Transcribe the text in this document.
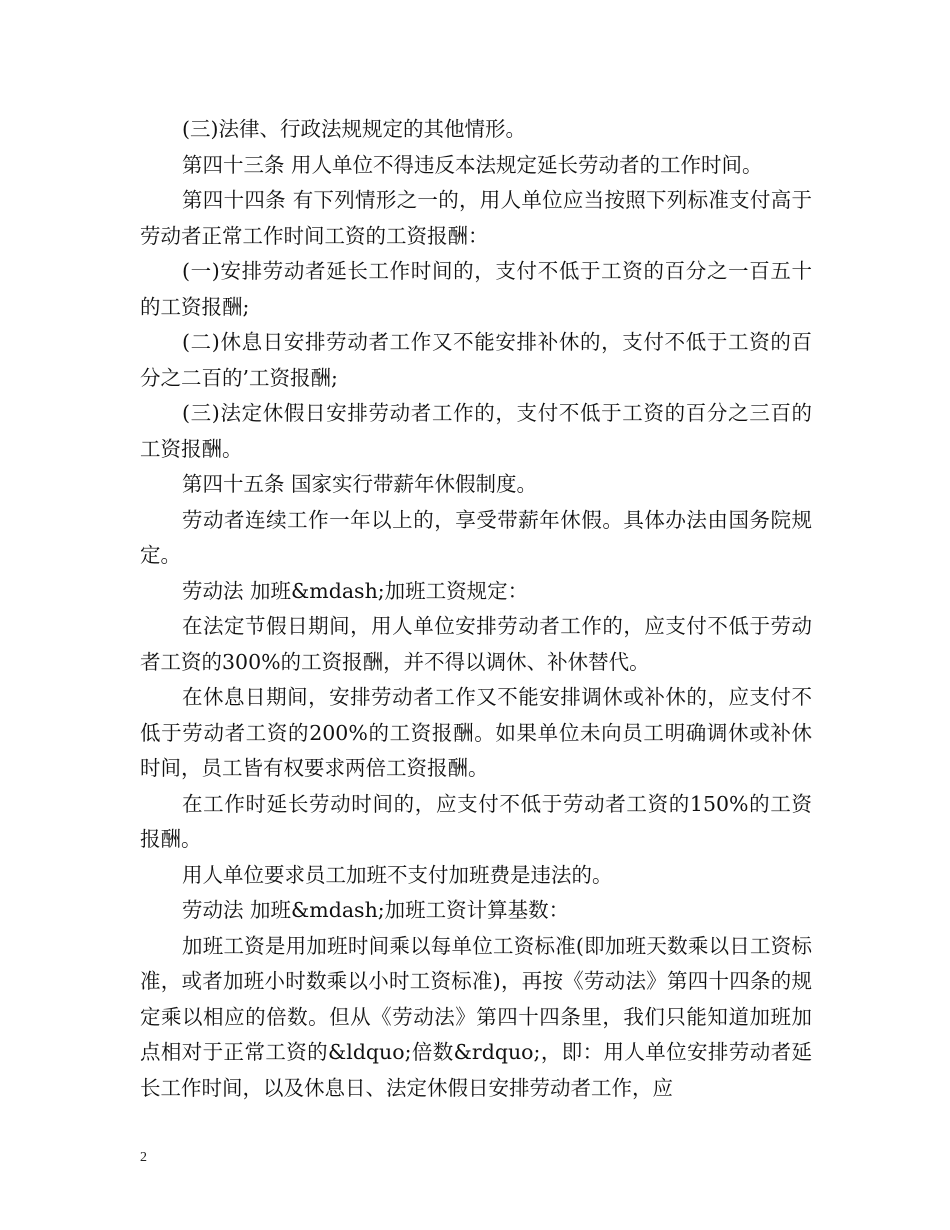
(三)法律、行政法规规定的其他情形。

第四十三条 用人单位不得违反本法规定延长劳动者的工作时间。

第四十四条 有下列情形之一的，用人单位应当按照下列标准支付高于劳动者正常工作时间工资的工资报酬：

(一)安排劳动者延长工作时间的，支付不低于工资的百分之一百五十的工资报酬;

(二)休息日安排劳动者工作又不能安排补休的，支付不低于工资的百分之二百的’工资报酬;

(三)法定休假日安排劳动者工作的，支付不低于工资的百分之三百的工资报酬。

第四十五条 国家实行带薪年休假制度。

劳动者连续工作一年以上的，享受带薪年休假。具体办法由国务院规定。

劳动法 加班&mdash;加班工资规定：

在法定节假日期间，用人单位安排劳动者工作的，应支付不低于劳动者工资的300%的工资报酬，并不得以调休、补休替代。

在休息日期间，安排劳动者工作又不能安排调休或补休的，应支付不低于劳动者工资的200%的工资报酬。如果单位未向员工明确调休或补休时间，员工皆有权要求两倍工资报酬。

在工作时延长劳动时间的，应支付不低于劳动者工资的150%的工资报酬。

用人单位要求员工加班不支付加班费是违法的。

劳动法 加班&mdash;加班工资计算基数：

加班工资是用加班时间乘以每单位工资标准(即加班天数乘以日工资标准，或者加班小时数乘以小时工资标准)，再按《劳动法》第四十四条的规定乘以相应的倍数。但从《劳动法》第四十四条里，我们只能知道加班加点相对于正常工资的&ldquo;倍数&rdquo;，即：用人单位安排劳动者延长工作时间，以及休息日、法定休假日安排劳动者工作，应

2
